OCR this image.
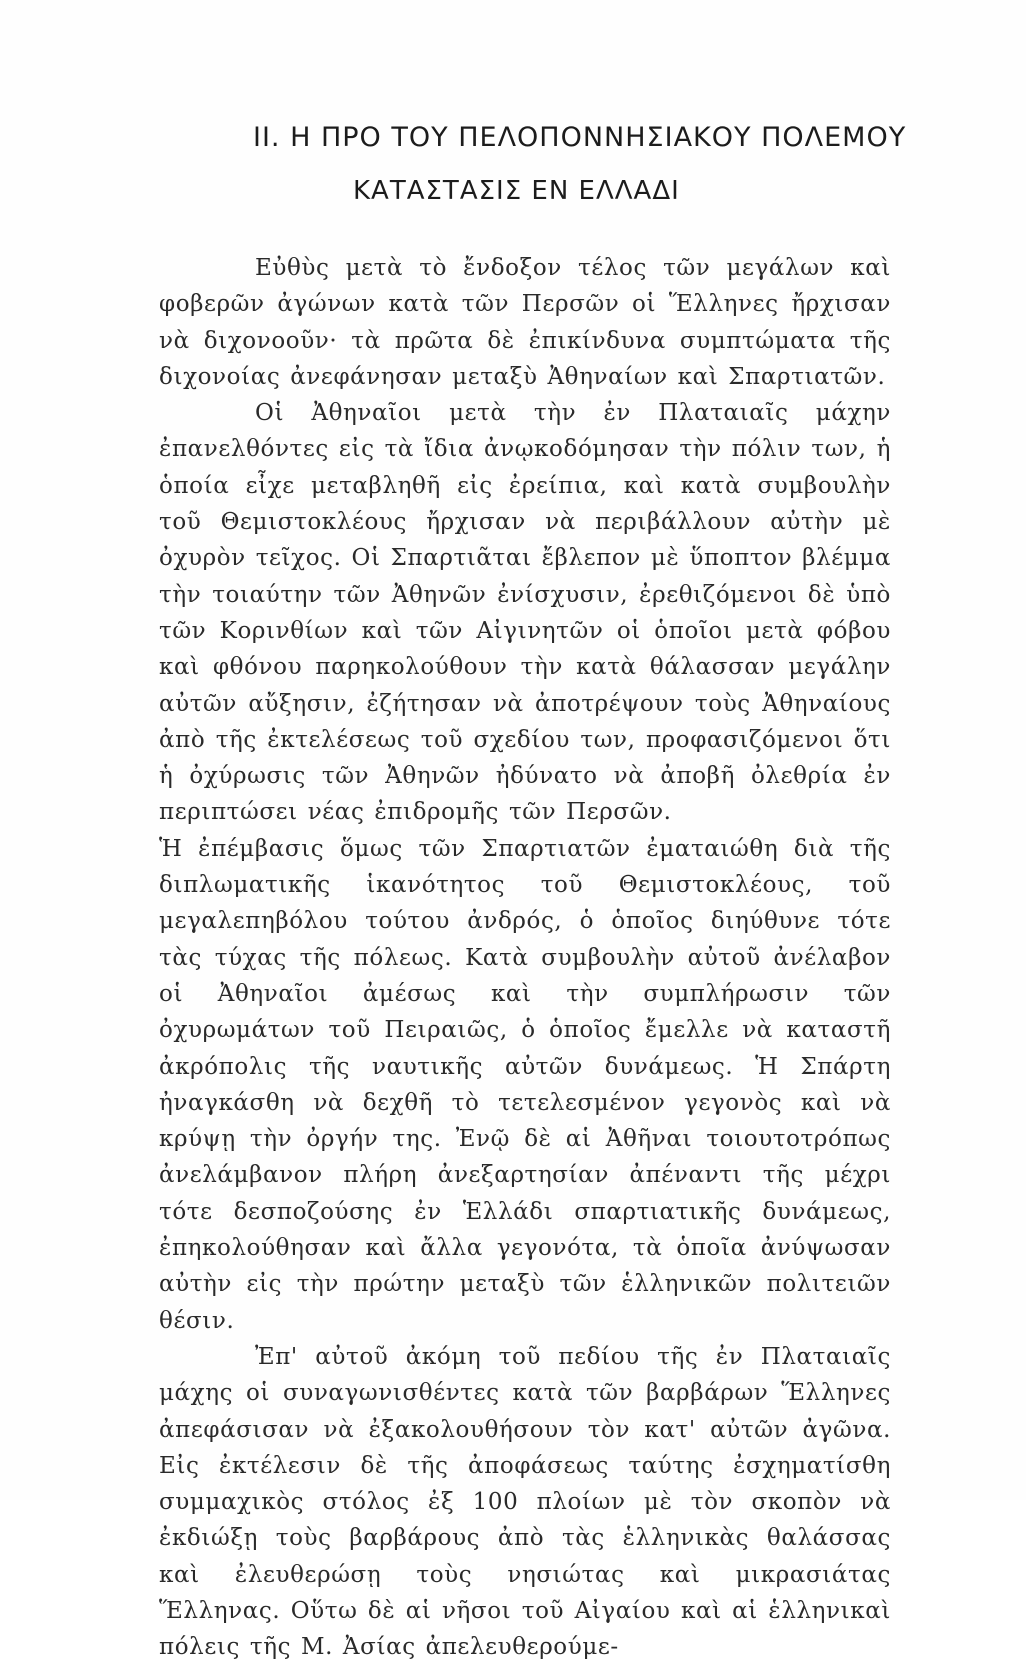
II. Η ΠΡΟ ΤΟΥ ΠΕΛΟΠΟΝΝΗΣΙΑΚΟΥ ΠΟΛΕΜΟΥ
ΚΑΤΑΣΤΑΣΙΣ ΕΝ ΕΛΛΑΔΙ

Εὐθὺς μετὰ τὸ ἔνδοξον τέλος τῶν μεγάλων καὶ φοβερῶν ἀγώνων κατὰ τῶν Περσῶν οἱ Ἕλληνες ἤρχισαν νὰ διχονοοῦν· τὰ πρῶτα δὲ ἐπικίνδυνα συμπτώματα τῆς διχονοίας ἀνεφάνησαν μεταξὺ Ἀθηναίων καὶ Σπαρτιατῶν.

Οἱ Ἀθηναῖοι μετὰ τὴν ἐν Πλαταιαῖς μάχην ἐπανελθόντες εἰς τὰ ἴδια ἀνῳκοδόμησαν τὴν πόλιν των, ἡ ὁποία εἶχε μεταβληθῆ εἰς ἐρείπια, καὶ κατὰ συμβουλὴν τοῦ Θεμιστοκλέους ἤρχισαν νὰ περιβάλλουν αὐτὴν μὲ ὀχυρὸν τεῖχος. Οἱ Σπαρτιᾶται ἔβλεπον μὲ ὕποπτον βλέμμα τὴν τοιαύτην τῶν Ἀθηνῶν ἐνίσχυσιν, ἐρεθιζόμενοι δὲ ὑπὸ τῶν Κορινθίων καὶ τῶν Αἰγινητῶν οἱ ὁποῖοι μετὰ φόβου καὶ φθόνου παρηκολούθουν τὴν κατὰ θάλασσαν μεγάλην αὐτῶν αὔξησιν, ἐζήτησαν νὰ ἀποτρέψουν τοὺς Ἀθηναίους ἀπὸ τῆς ἐκτελέσεως τοῦ σχεδίου των, προφασιζόμενοι ὅτι ἡ ὀχύρωσις τῶν Ἀθηνῶν ἠδύνατο νὰ ἀποβῆ ὀλεθρία ἐν περιπτώσει νέας ἐπιδρομῆς τῶν Περσῶν.

Ἡ ἐπέμβασις ὅμως τῶν Σπαρτιατῶν ἐματαιώθη διὰ τῆς διπλωματικῆς ἱκανότητος τοῦ Θεμιστοκλέους, τοῦ μεγαλεπηβόλου τούτου ἀνδρός, ὁ ὁποῖος διηύθυνε τότε τὰς τύχας τῆς πόλεως. Κατὰ συμβουλὴν αὐτοῦ ἀνέλαβον οἱ Ἀθηναῖοι ἀμέσως καὶ τὴν συμπλήρωσιν τῶν ὀχυρωμάτων τοῦ Πειραιῶς, ὁ ὁποῖος ἔμελλε νὰ καταστῆ ἀκρόπολις τῆς ναυτικῆς αὐτῶν δυνάμεως. Ἡ Σπάρτη ἠναγκάσθη νὰ δεχθῆ τὸ τετελεσμένον γεγονὸς καὶ νὰ κρύψῃ τὴν ὀργήν της. Ἐνῷ δὲ αἱ Ἀθῆναι τοιουτοτρόπως ἀνελάμβανον πλήρη ἀνεξαρτησίαν ἀπέναντι τῆς μέχρι τότε δεσποζούσης ἐν Ἑλλάδι σπαρτιατικῆς δυνάμεως, ἐπηκολούθησαν καὶ ἄλλα γεγονότα, τὰ ὁποῖα ἀνύψωσαν αὐτὴν εἰς τὴν πρώτην μεταξὺ τῶν ἑλληνικῶν πολιτειῶν θέσιν.

Ἐπ' αὐτοῦ ἀκόμη τοῦ πεδίου τῆς ἐν Πλαταιαῖς μάχης οἱ συναγωνισθέντες κατὰ τῶν βαρβάρων Ἕλληνες ἀπεφάσισαν νὰ ἐξακολουθήσουν τὸν κατ' αὐτῶν ἀγῶνα. Εἰς ἐκτέλεσιν δὲ τῆς ἀποφάσεως ταύτης ἐσχηματίσθη συμμαχικὸς στόλος ἐξ 100 πλοίων μὲ τὸν σκοπὸν νὰ ἐκδιώξῃ τοὺς βαρβάρους ἀπὸ τὰς ἑλληνικὰς θαλάσσας καὶ ἐλευθερώσῃ τοὺς νησιώτας καὶ μικρασιάτας Ἕλληνας. Οὕτω δὲ αἱ νῆσοι τοῦ Αἰγαίου καὶ αἱ ἑλληνικαὶ πόλεις τῆς Μ. Ἀσίας ἀπελευθερούμε-
